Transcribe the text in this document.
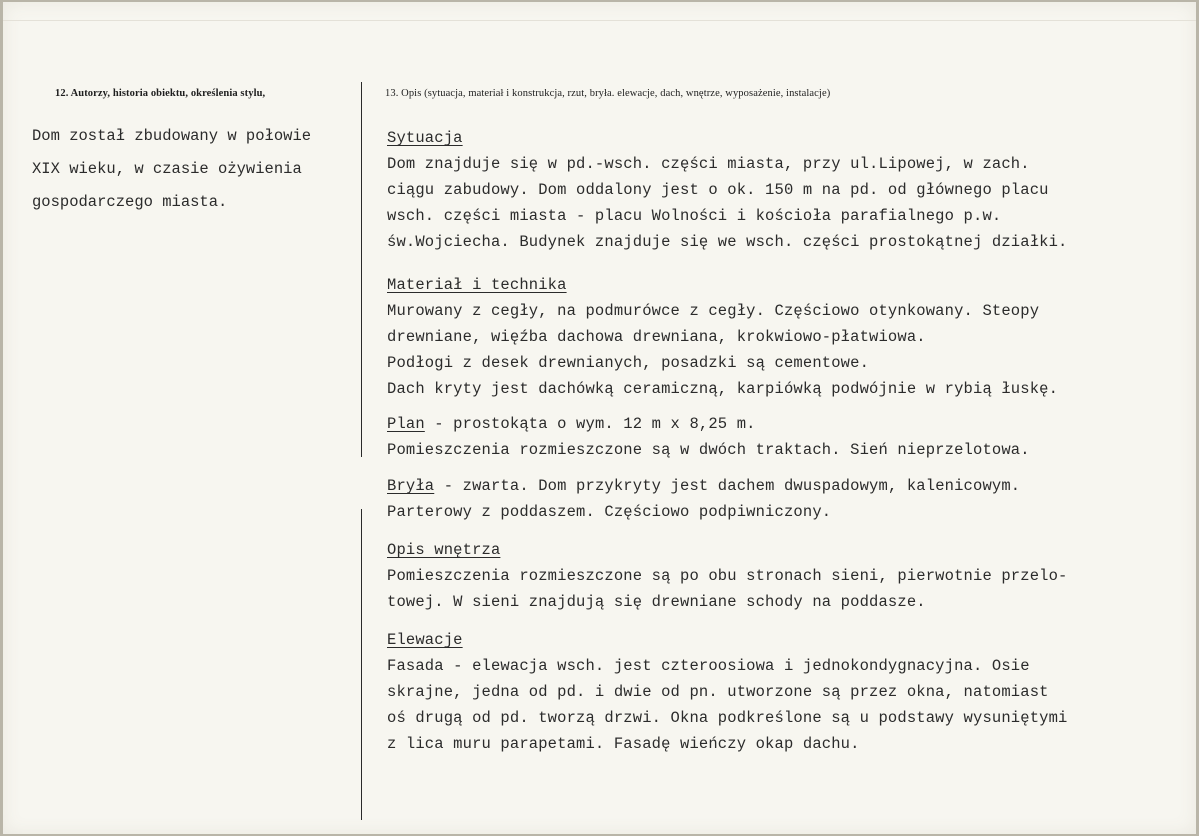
12. Autorzy, historia obiektu, określenia stylu,	13. Opis (sytuacja, materiał i konstrukcja, rzut, bryła. elewacje, dach, wnętrze, wyposażenie, instalacje)
Dom został zbudowany w połowie
XIX wieku, w czasie ożywienia
gospodarczego miasta.
Sytuacja
Dom znajduje się w pd.-wsch. części miasta, przy ul.Lipowej, w zach.
ciągu zabudowy. Dom oddalony jest o ok. 150 m na pd. od głównego placu
wsch. części miasta - placu Wolności i kościoła parafialnego p.w.
św.Wojciecha. Budynek znajduje się we wsch. części prostokątnej działki.
Materiał i technika
Murowany z cegły, na podmurówce z cegły. Częściowo otynkowany. Steopy
drewniane, więźba dachowa drewniana, krokwiowo-płatwiowa.
Podłogi z desek drewnianych, posadzki są cementowe.
Dach kryty jest dachówką ceramiczną, karpiówką podwójnie w rybią łuskę.
Plan - prostokąta o wym. 12 m x 8,25 m.
Pomieszczenia rozmieszczone są w dwóch traktach. Sień nieprzelotowa.
Bryła - zwarta. Dom przykryty jest dachem dwuspadowym, kalenicowym.
Parterowy z poddaszem. Częściowo podpiwniczony.
Opis wnętrza
Pomieszczenia rozmieszczone są po obu stronach sieni, pierwotnie przelo-
towej. W sieni znajdują się drewniane schody na poddasze.
Elewacje
Fasada - elewacja wsch. jest czteroosiowa i jednokondygnacyjna. Osie
skrajne, jedna od pd. i dwie od pn. utworzone są przez okna, natomiast
oś drugą od pd. tworzą drzwi. Okna podkreślone są u podstawy wysuniętymi
z lica muru parapetami. Fasadę wieńczy okap dachu.
